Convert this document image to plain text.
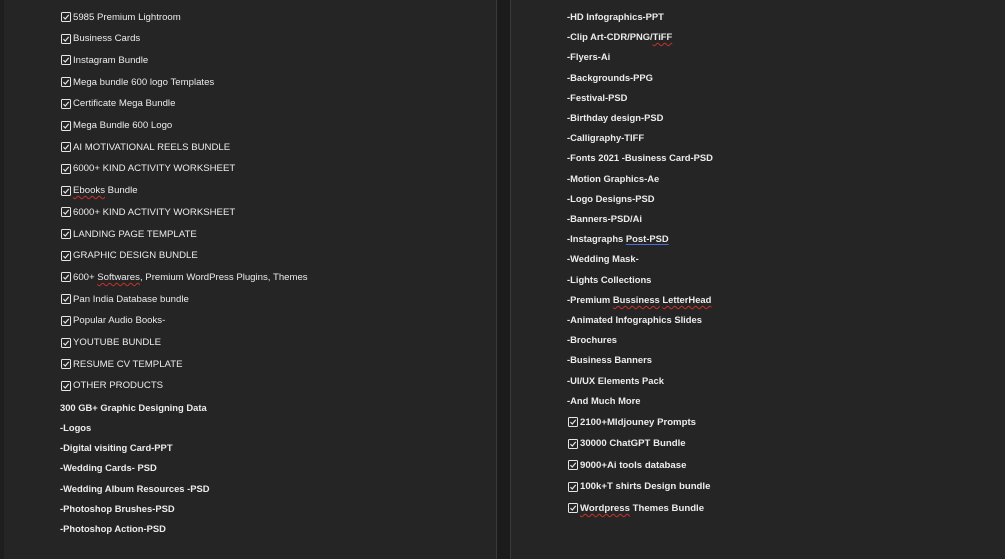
5985 Premium Lightroom
Business Cards
Instagram Bundle
Mega bundle 600 logo Templates
Certificate Mega Bundle
Mega Bundle 600 Logo
AI MOTIVATIONAL REELS BUNDLE
6000+ KIND ACTIVITY WORKSHEET
Ebooks Bundle
6000+ KIND ACTIVITY WORKSHEET
LANDING PAGE TEMPLATE
GRAPHIC DESIGN BUNDLE
600+ Softwares, Premium WordPress Plugins, Themes
Pan India Database bundle
Popular Audio Books-
YOUTUBE BUNDLE
RESUME CV TEMPLATE
OTHER PRODUCTS
300 GB+ Graphic Designing Data
-Logos
-Digital visiting Card-PPT
-Wedding Cards- PSD
-Wedding Album Resources -PSD
-Photoshop Brushes-PSD
-Photoshop Action-PSD
-HD Infographics-PPT
-Clip Art-CDR/PNG/TiFF
-Flyers-Ai
-Backgrounds-PPG
-Festival-PSD
-Birthday design-PSD
-Calligraphy-TIFF
-Fonts 2021 -Business Card-PSD
-Motion Graphics-Ae
-Logo Designs-PSD
-Banners-PSD/Ai
-Instagraphs Post-PSD
-Wedding Mask-
-Lights Collections
-Premium Bussiness LetterHead
-Animated Infographics Slides
-Brochures
-Business Banners
-UI/UX Elements Pack
-And Much More
2100+MIdjouney Prompts
30000 ChatGPT Bundle
9000+Ai tools database
100k+T shirts Design bundle
Wordpress Themes Bundle
